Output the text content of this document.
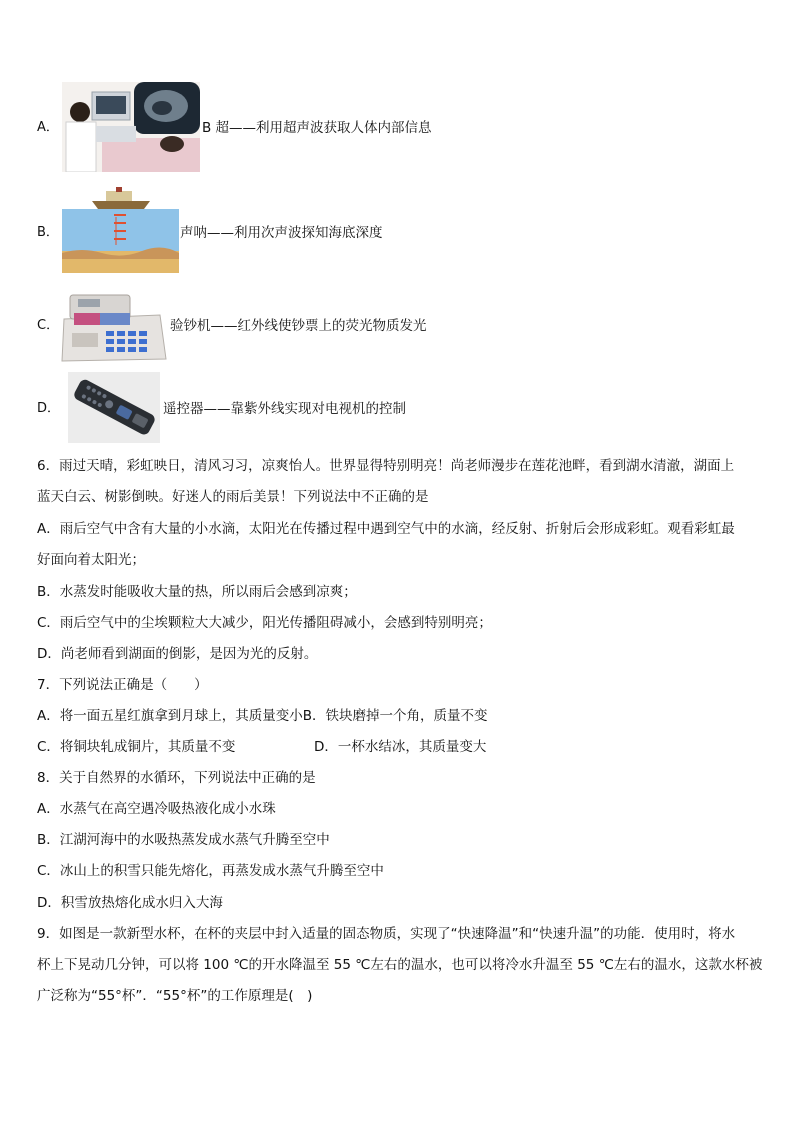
A．	B 超——利用超声波获取人体内部信息
B．	声呐——利用次声波探知海底深度
C．	验钞机——红外线使钞票上的荧光物质发光
D．	遥控器——靠紫外线实现对电视机的控制
6．雨过天晴，彩虹映日，清风习习，凉爽怡人。世界显得特别明亮！尚老师漫步在莲花池畔，看到湖水清澈，湖面上
蓝天白云、树影倒映。好迷人的雨后美景！下列说法中不正确的是
A．雨后空气中含有大量的小水滴，太阳光在传播过程中遇到空气中的水滴，经反射、折射后会形成彩虹。观看彩虹最
好面向着太阳光；
B．水蒸发时能吸收大量的热，所以雨后会感到凉爽；
C．雨后空气中的尘埃颗粒大大减少，阳光传播阻碍减小，会感到特别明亮；
D．尚老师看到湖面的倒影，是因为光的反射。
7．下列说法正确是（　　）
A．将一面五星红旗拿到月球上，其质量变小B．铁块磨掉一个角，质量不变
C．将铜块轧成铜片，其质量不变	D．一杯水结冰，其质量变大
8．关于自然界的水循环，下列说法中正确的是
A．水蒸气在高空遇冷吸热液化成小水珠
B．江湖河海中的水吸热蒸发成水蒸气升腾至空中
C．冰山上的积雪只能先熔化，再蒸发成水蒸气升腾至空中
D．积雪放热熔化成水归入大海
9．如图是一款新型水杯，在杯的夹层中封入适量的固态物质，实现了“快速降温”和“快速升温”的功能．使用时，将水
杯上下晃动几分钟，可以将 100 ℃的开水降温至 55 ℃左右的温水，也可以将冷水升温至 55 ℃左右的温水，这款水杯被
广泛称为“55°杯”．“55°杯”的工作原理是(　)
